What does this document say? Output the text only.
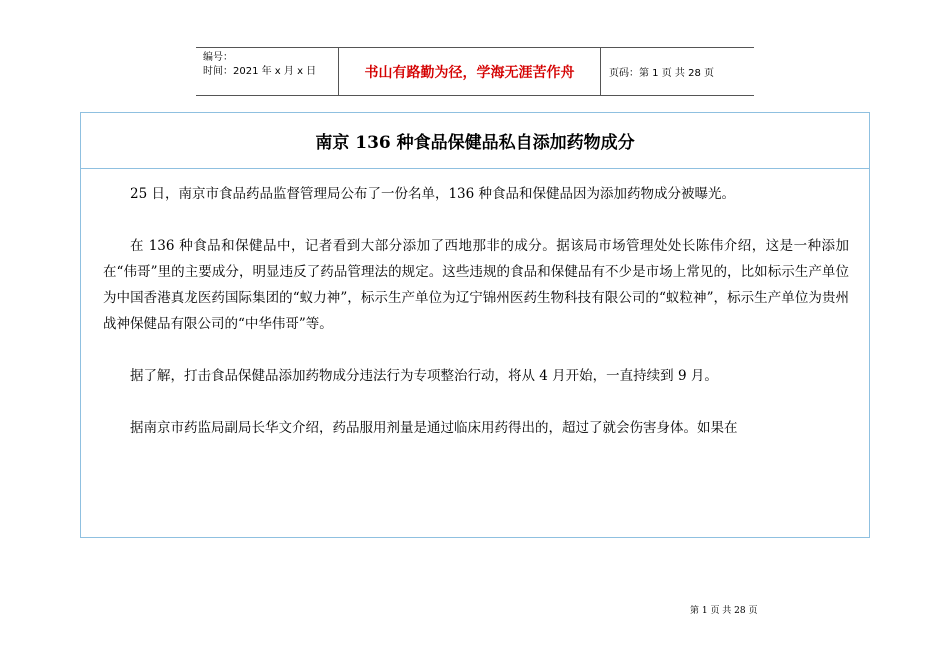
编号：
时间：2021 年 x 月 x 日	书山有路勤为径，学海无涯苦作舟	页码：第 1 页 共 28 页
南京 136 种食品保健品私自添加药物成分

25 日，南京市食品药品监督管理局公布了一份名单，136 种食品和保健品因为添加药物成分被曝光。

在 136 种食品和保健品中，记者看到大部分添加了西地那非的成分。据该局市场管理处处长陈伟介绍，这是一种添加在“伟哥”里的主要成分，明显违反了药品管理法的规定。这些违规的食品和保健品有不少是市场上常见的，比如标示生产单位为中国香港真龙医药国际集团的“蚁力神”，标示生产单位为辽宁锦州医药生物科技有限公司的“蚁粒神”，标示生产单位为贵州战神保健品有限公司的“中华伟哥”等。

据了解，打击食品保健品添加药物成分违法行为专项整治行动，将从 4 月开始，一直持续到 9 月。

据南京市药监局副局长华文介绍，药品服用剂量是通过临床用药得出的，超过了就会伤害身体。如果在

第 1 页 共 28 页
